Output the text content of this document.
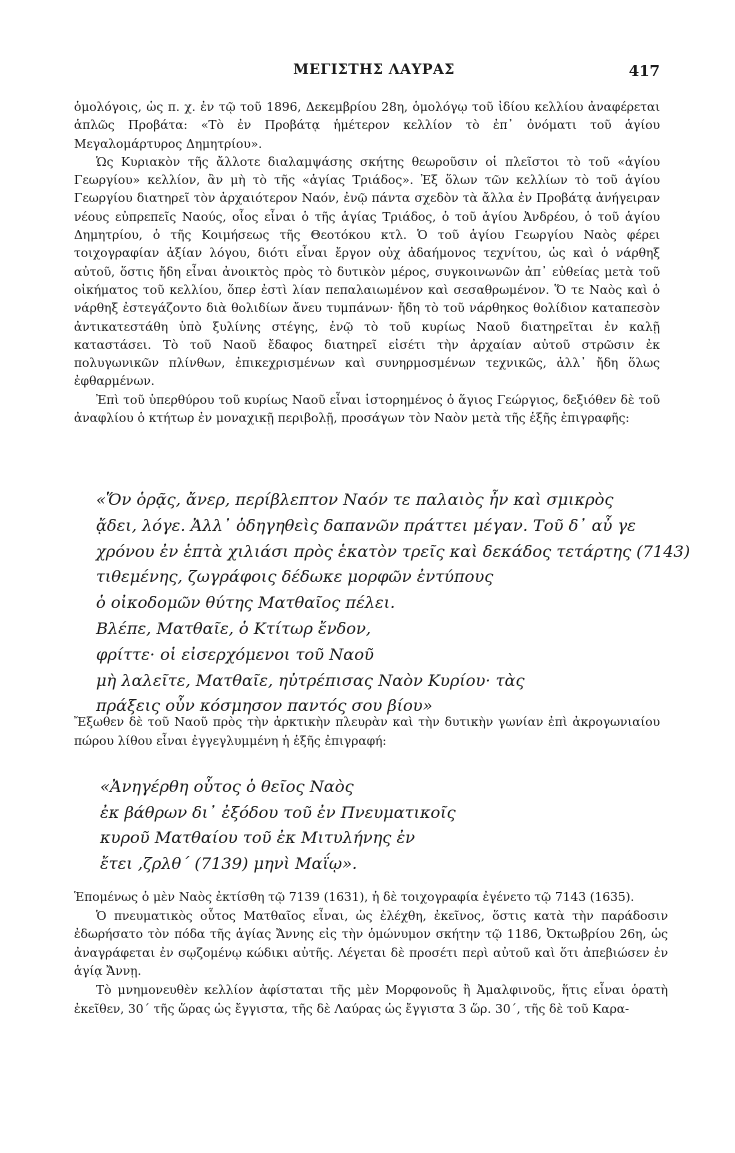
ΜΕΓΙΣΤΗΣ ΛΑΥΡΑΣ	417

ὁμολόγοις, ὡς π. χ. ἐν τῷ τοῦ 1896, Δεκεμβρίου 28η, ὁμολόγῳ τοῦ ἰδίου κελλίου ἀναφέρεται ἁπλῶς Προβάτα: «Τὸ ἐν Προβάτᾳ ἡμέτερον κελλίον τὸ ἐπ᾽ ὀνόματι τοῦ ἁγίου Μεγαλομάρτυρος Δημητρίου».

Ὡς Κυριακὸν τῆς ἄλλοτε διαλαμψάσης σκήτης θεωροῦσιν οἱ πλεῖστοι τὸ τοῦ «ἁγίου Γεωργίου» κελλίον, ἂν μὴ τὸ τῆς «ἁγίας Τριάδος». Ἐξ ὅλων τῶν κελλίων τὸ τοῦ ἁγίου Γεωργίου διατηρεῖ τὸν ἀρχαιότερον Ναόν, ἐνῷ πάντα σχεδὸν τὰ ἄλλα ἐν Προβάτᾳ ἀνήγειραν νέους εὐπρεπεῖς Ναούς, οἷος εἶναι ὁ τῆς ἁγίας Τριάδος, ὁ τοῦ ἁγίου Ἀνδρέου, ὁ τοῦ ἁγίου Δημητρίου, ὁ τῆς Κοιμήσεως τῆς Θεοτόκου κτλ. Ὁ τοῦ ἁγίου Γεωργίου Ναὸς φέρει τοιχογραφίαν ἀξίαν λόγου, διότι εἶναι ἔργον οὐχ ἀδαήμονος τεχνίτου, ὡς καὶ ὁ νάρθηξ αὐτοῦ, ὅστις ἤδη εἶναι ἀνοικτὸς πρὸς τὸ δυτικὸν μέρος, συγκοινωνῶν ἀπ᾽ εὐθείας μετὰ τοῦ οἰκήματος τοῦ κελλίου, ὅπερ ἐστὶ λίαν πεπαλαιωμένον καὶ σεσαθρωμένον. Ὅ τε Ναὸς καὶ ὁ νάρθηξ ἐστεγάζοντο διὰ θολιδίων ἄνευ τυμπάνων· ἤδη τὸ τοῦ νάρθηκος θολίδιον καταπεσὸν ἀντικατεστάθη ὑπὸ ξυλίνης στέγης, ἐνῷ τὸ τοῦ κυρίως Ναοῦ διατηρεῖται ἐν καλῇ καταστάσει. Τὸ τοῦ Ναοῦ ἔδαφος διατηρεῖ εἰσέτι τὴν ἀρχαίαν αὐτοῦ στρῶσιν ἐκ πολυγωνικῶν πλίνθων, ἐπικεχρισμένων καὶ συνηρμοσμένων τεχνικῶς, ἀλλ᾽ ἤδη ὅλως ἐφθαρμένων.

Ἐπὶ τοῦ ὑπερθύρου τοῦ κυρίως Ναοῦ εἶναι ἱστορημένος ὁ ἅγιος Γεώργιος, δεξιόθεν δὲ τοῦ ἀναφλίου ὁ κτήτωρ ἐν μοναχικῇ περιβολῇ, προσάγων τὸν Ναὸν μετὰ τῆς ἑξῆς ἐπιγραφῆς:

«Ὅν ὁρᾷς, ἄνερ, περίβλεπτον Ναόν τε παλαιὸς ἦν καὶ σμικρὸς
ᾄδει, λόγε. Ἀλλ᾽ ὁδηγηθεὶς δαπανῶν πράττει μέγαν. Τοῦ δ᾽ αὖ γε
χρόνου ἐν ἑπτὰ χιλιάσι πρὸς ἑκατὸν τρεῖς καὶ δεκάδος τετάρτης (7143)
τιθεμένης, ζωγράφοις δέδωκε μορφῶν ἐντύπους
ὁ οἰκοδομῶν θύτης Ματθαῖος πέλει.
Βλέπε, Ματθαῖε, ὁ Κτίτωρ ἔνδον,
φρίττε· οἱ εἰσερχόμενοι τοῦ Ναοῦ
μὴ λαλεῖτε, Ματθαῖε, ηὐτρέπισας Ναὸν Κυρίου· τὰς
πράξεις οὖν κόσμησον παντός σου βίου»

Ἔξωθεν δὲ τοῦ Ναοῦ πρὸς τὴν ἀρκτικὴν πλευρὰν καὶ τὴν δυτικὴν γωνίαν ἐπὶ ἀκρογωνιαίου πώρου λίθου εἶναι ἐγγεγλυμμένη ἡ ἑξῆς ἐπιγραφή:

«Ἀνηγέρθη οὗτος ὁ θεῖος Ναὸς
ἐκ βάθρων δι᾽ ἐξόδου τοῦ ἐν Πνευματικοῖς
κυροῦ Ματθαίου τοῦ ἐκ Μιτυλήνης ἐν
ἔτει ,ζρλθ´ (7139) μηνὶ Μαΐῳ».

Ἑπομένως ὁ μὲν Ναὸς ἐκτίσθη τῷ 7139 (1631), ἡ δὲ τοιχογραφία ἐγένετο τῷ 7143 (1635).

Ὁ πνευματικὸς οὗτος Ματθαῖος εἶναι, ὡς ἐλέχθη, ἐκεῖνος, ὅστις κατὰ τὴν παράδοσιν ἐδωρήσατο τὸν πόδα τῆς ἁγίας Ἄννης εἰς τὴν ὁμώνυμον σκήτην τῷ 1186, Ὀκτωβρίου 26η, ὡς ἀναγράφεται ἐν σῳζομένῳ κώδικι αὐτῆς. Λέγεται δὲ προσέτι περὶ αὐτοῦ καὶ ὅτι ἀπεβιώσεν ἐν ἁγίᾳ Ἄννῃ.

Τὸ μνημονευθὲν κελλίον ἀφίσταται τῆς μὲν Μορφονοῦς ἢ Ἀμαλφινοῦς, ἥτις εἶναι ὁρατὴ ἐκεῖθεν, 30´ τῆς ὥρας ὡς ἔγγιστα, τῆς δὲ Λαύρας ὡς ἔγγιστα 3 ὥρ. 30´, τῆς δὲ τοῦ Καρα-
